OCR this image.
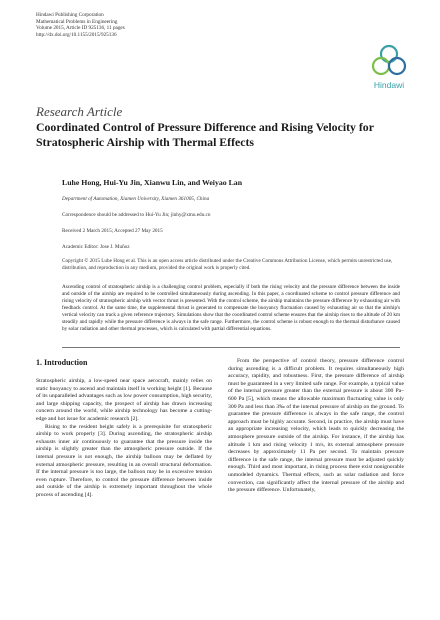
Hindawi Publishing Corporation
Mathematical Problems in Engineering
Volume 2015, Article ID 925136, 11 pages
http://dx.doi.org/10.1155/2015/925136
Hindawi
Research Article
Coordinated Control of Pressure Difference and Rising Velocity for Stratospheric Airship with Thermal Effects
Luhe Hong, Hui-Yu Jin, Xianwu Lin, and Weiyao Lan
Department of Automation, Xiamen University, Xiamen 361005, China
Correspondence should be addressed to Hui-Yu Jin; jinhy@xmu.edu.cn
Received 2 March 2015; Accepted 27 May 2015
Academic Editor: Jose J. Muñoz
Copyright © 2015 Luhe Hong et al. This is an open access article distributed under the Creative Commons Attribution License, which permits unrestricted use, distribution, and reproduction in any medium, provided the original work is properly cited.
Ascending control of stratospheric airship is a challenging control problem, especially if both the rising velocity and the pressure difference between the inside and outside of the airship are required to be controlled simultaneously during ascending. In this paper, a coordinated scheme to control pressure difference and rising velocity of stratospheric airship with vector thrust is presented. With the control scheme, the airship maintains the pressure difference by exhausting air with feedback control. At the same time, the supplemental thrust is generated to compensate the buoyancy fluctuation caused by exhausting air so that the airship's vertical velocity can track a given reference trajectory. Simulations show that the coordinated control scheme ensures that the airship rises to the altitude of 20 km steadily and rapidly while the pressure difference is always in the safe range. Furthermore, the control scheme is robust enough to the thermal disturbance caused by solar radiation and other thermal processes, which is calculated with partial differential equations.
1. Introduction

Stratospheric airship, a low-speed near space aerocraft, mainly relies on static buoyancy to ascend and maintain itself in working height [1]. Because of its unparalleled advantages such as low power consumption, high security, and large shipping capacity, the prospect of airship has drawn increasing concern around the world, while airship technology has become a cutting-edge and hot issue for academic research [2].

Rising to the resident height safely is a prerequisite for stratospheric airship to work properly [3]. During ascending, the stratospheric airship exhausts inner air continuously to guarantee that the pressure inside the airship is slightly greater than the atmospheric pressure outside. If the internal pressure is not enough, the airship balloon may be deflated by external atmospheric pressure, resulting in an overall structural deformation. If the internal pressure is too large, the balloon may be in excessive tension even rupture. Therefore, to control the pressure difference between inside and outside of the airship is extremely important throughout the whole process of ascending [4].

From the perspective of control theory, pressure difference control during ascending is a difficult problem. It requires simultaneously high accuracy, rapidity, and robustness. First, the pressure difference of airship must be guaranteed in a very limited safe range. For example, a typical value of the internal pressure greater than the external pressure is about 300 Pa–600 Pa [5], which means the allowable maximum fluctuating value is only 300 Pa and less than 3‰ of the internal pressure of airship on the ground. To guarantee the pressure difference is always in the safe range, the control approach must be highly accurate. Second, in practice, the airship must have an appropriate increasing velocity, which leads to quickly decreasing the atmosphere pressure outside of the airship. For instance, if the airship has altitude 1 km and rising velocity 1 m/s, its external atmosphere pressure decreases by approximately 11 Pa per second. To maintain pressure difference in the safe range, the internal pressure must be adjusted quickly enough. Third and most important, in rising process there exist nonignorable unmodeled dynamics. Thermal effects, such as solar radiation and force convection, can significantly affect the internal pressure of the airship and the pressure difference. Unfortunately,
